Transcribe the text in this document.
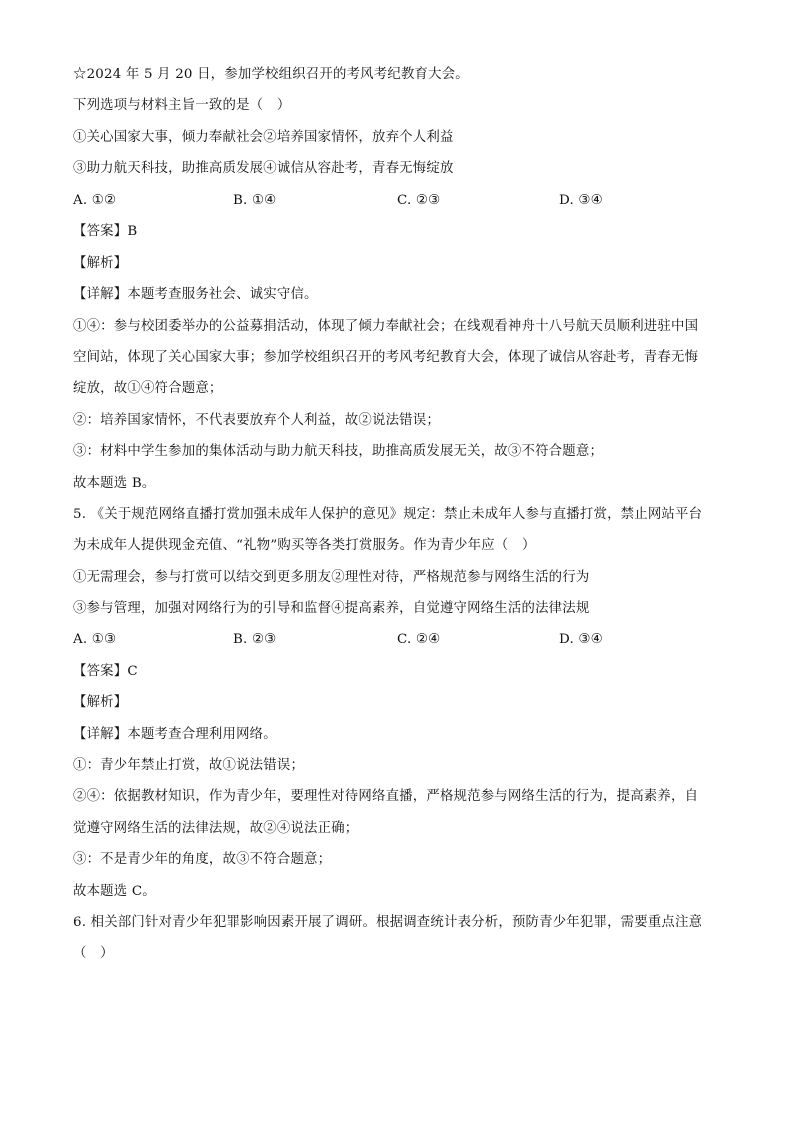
☆2024 年 5 月 20 日，参加学校组织召开的考风考纪教育大会。
下列选项与材料主旨一致的是（　）
①关心国家大事，倾力奉献社会②培养国家情怀，放弃个人利益
③助力航天科技，助推高质发展④诚信从容赴考，青春无悔绽放
A. ①②	B. ①④	C. ②③	D. ③④
【答案】B
【解析】
【详解】本题考查服务社会、诚实守信。
①④：参与校团委举办的公益募捐活动，体现了倾力奉献社会；在线观看神舟十八号航天员顺利进驻中国
空间站，体现了关心国家大事；参加学校组织召开的考风考纪教育大会，体现了诚信从容赴考，青春无悔
绽放，故①④符合题意；
②：培养国家情怀，不代表要放弃个人利益，故②说法错误；
③：材料中学生参加的集体活动与助力航天科技，助推高质发展无关，故③不符合题意；
故本题选 B。
5. 《关于规范网络直播打赏加强未成年人保护的意见》规定：禁止未成年人参与直播打赏，禁止网站平台
为未成年人提供现金充值、“礼物”购买等各类打赏服务。作为青少年应（　）
①无需理会，参与打赏可以结交到更多朋友②理性对待，严格规范参与网络生活的行为
③参与管理，加强对网络行为的引导和监督④提高素养，自觉遵守网络生活的法律法规
A. ①③	B. ②③	C. ②④	D. ③④
【答案】C
【解析】
【详解】本题考查合理利用网络。
①：青少年禁止打赏，故①说法错误；
②④：依据教材知识，作为青少年，要理性对待网络直播，严格规范参与网络生活的行为，提高素养，自
觉遵守网络生活的法律法规，故②④说法正确；
③：不是青少年的角度，故③不符合题意；
故本题选 C。
6. 相关部门针对青少年犯罪影响因素开展了调研。根据调查统计表分析，预防青少年犯罪，需要重点注意
（　）
